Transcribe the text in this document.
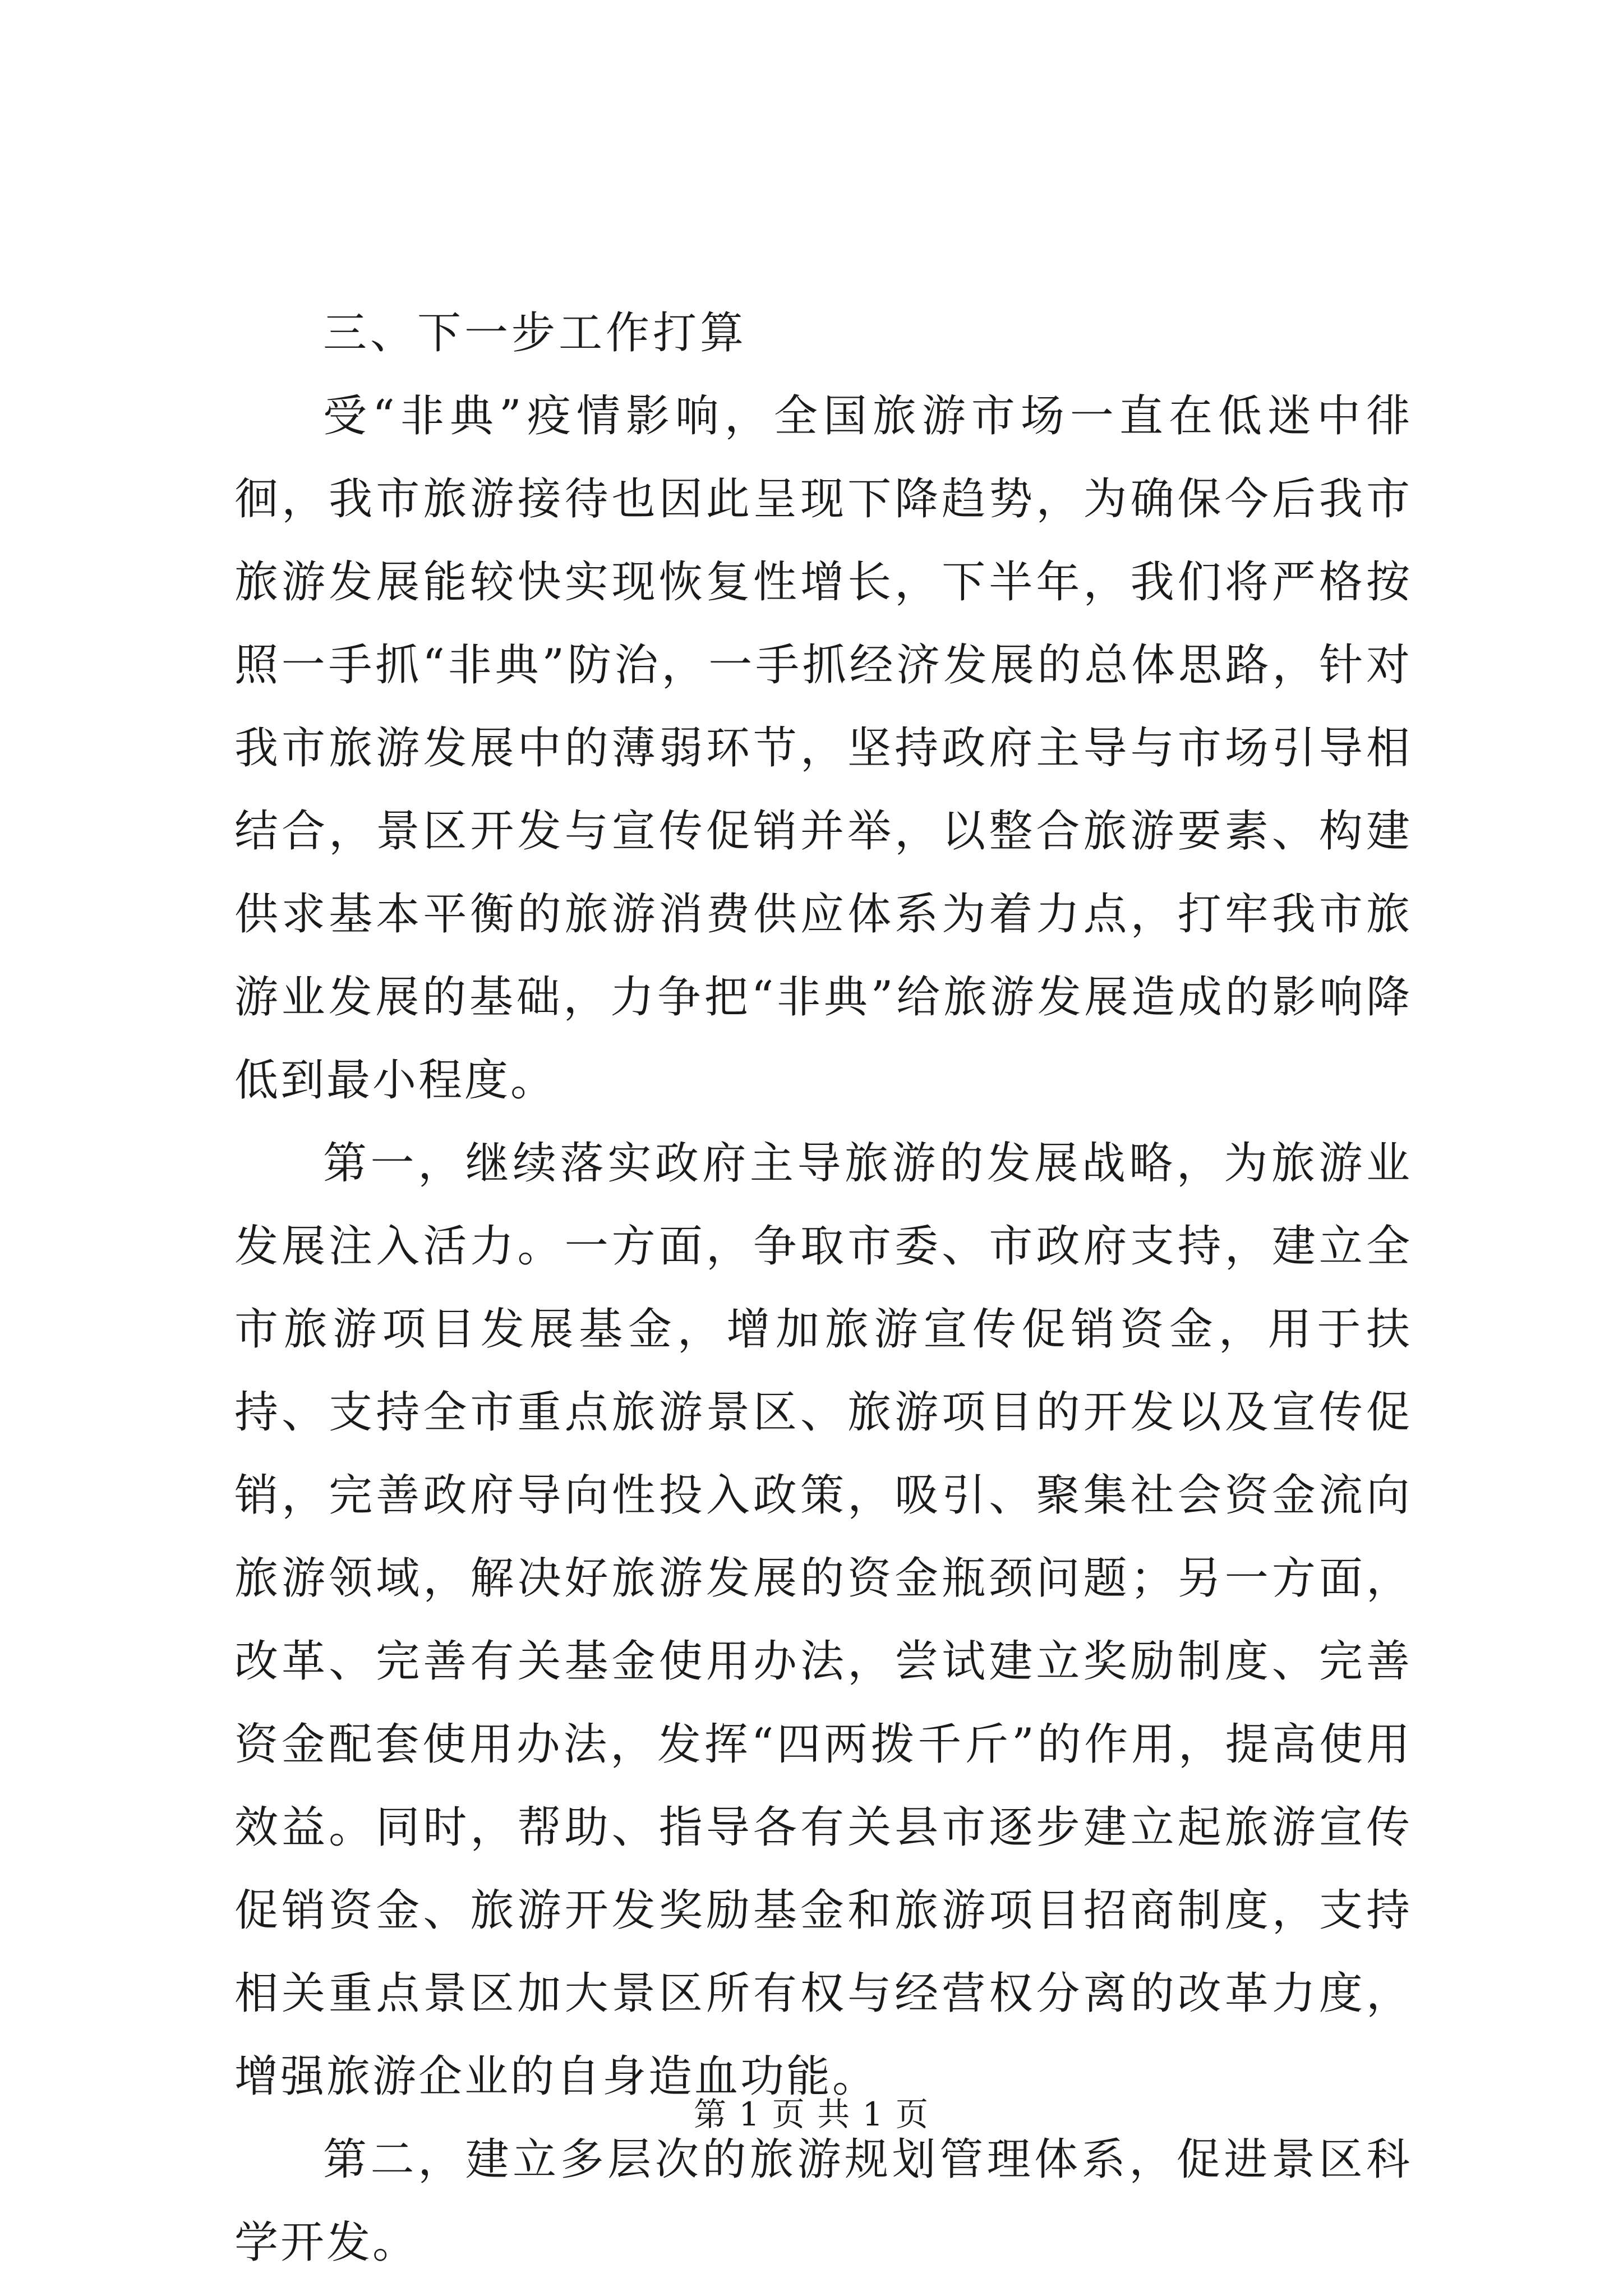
三、下一步工作打算

受“非典”疫情影响，全国旅游市场一直在低迷中徘徊，我市旅游接待也因此呈现下降趋势，为确保今后我市旅游发展能较快实现恢复性增长，下半年，我们将严格按照一手抓“非典”防治，一手抓经济发展的总体思路，针对我市旅游发展中的薄弱环节，坚持政府主导与市场引导相结合，景区开发与宣传促销并举，以整合旅游要素、构建供求基本平衡的旅游消费供应体系为着力点，打牢我市旅游业发展的基础，力争把“非典”给旅游发展造成的影响降低到最小程度。

第一，继续落实政府主导旅游的发展战略，为旅游业发展注入活力。一方面，争取市委、市政府支持，建立全市旅游项目发展基金，增加旅游宣传促销资金，用于扶持、支持全市重点旅游景区、旅游项目的开发以及宣传促销，完善政府导向性投入政策，吸引、聚集社会资金流向旅游领域，解决好旅游发展的资金瓶颈问题；另一方面，改革、完善有关基金使用办法，尝试建立奖励制度、完善资金配套使用办法，发挥“四两拨千斤”的作用，提高使用效益。同时，帮助、指导各有关县市逐步建立起旅游宣传促销资金、旅游开发奖励基金和旅游项目招商制度，支持相关重点景区加大景区所有权与经营权分离的改革力度，增强旅游企业的自身造血功能。

第二，建立多层次的旅游规划管理体系，促进景区科学开发。

第 1 页 共 1 页
